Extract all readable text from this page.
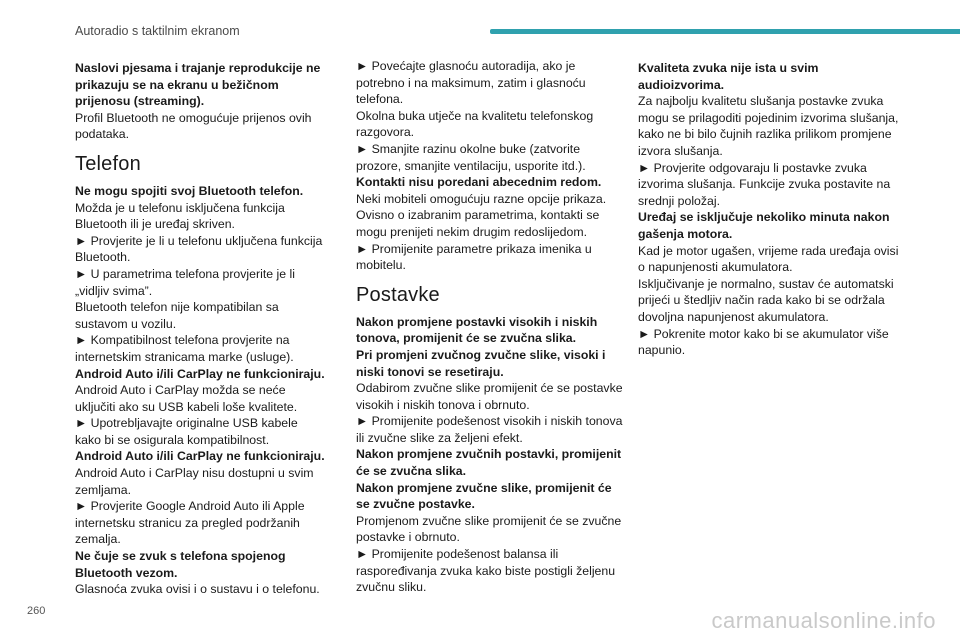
Autoradio s taktilnim ekranom

Naslovi pjesama i trajanje reprodukcije ne prikazuju se na ekranu u bežičnom prijenosu (streaming).

Profil Bluetooth ne omogućuje prijenos ovih podataka.

Telefon

Ne mogu spojiti svoj Bluetooth telefon.

Možda je u telefonu isključena funkcija Bluetooth ili je uređaj skriven.

► Provjerite je li u telefonu uključena funkcija Bluetooth.

► U parametrima telefona provjerite je li „vidljiv svima”.

Bluetooth telefon nije kompatibilan sa sustavom u vozilu.

► Kompatibilnost telefona provjerite na internetskim stranicama marke (usluge).

Android Auto i/ili CarPlay ne funkcioniraju.

Android Auto i CarPlay možda se neće uključiti ako su USB kabeli loše kvalitete.

► Upotrebljavajte originalne USB kabele kako bi se osigurala kompatibilnost.

Android Auto i/ili CarPlay ne funkcioniraju.

Android Auto i CarPlay nisu dostupni u svim zemljama.

► Provjerite Google Android Auto ili Apple internetsku stranicu za pregled podržanih zemalja.

Ne čuje se zvuk s telefona spojenog Bluetooth vezom.

Glasnoća zvuka ovisi i o sustavu i o telefonu.

► Povećajte glasnoću autoradija, ako je potrebno i na maksimum, zatim i glasnoću telefona.

Okolna buka utječe na kvalitetu telefonskog razgovora.

► Smanjite razinu okolne buke (zatvorite prozore, smanjite ventilaciju, usporite itd.).

Kontakti nisu poredani abecednim redom.

Neki mobiteli omogućuju razne opcije prikaza. Ovisno o izabranim parametrima, kontakti se mogu prenijeti nekim drugim redoslijedom.

► Promijenite parametre prikaza imenika u mobitelu.

Postavke

Nakon promjene postavki visokih i niskih tonova, promijenit će se zvučna slika.

Pri promjeni zvučnog zvučne slike, visoki i niski tonovi se resetiraju.

Odabirom zvučne slike promijenit će se postavke visokih i niskih tonova i obrnuto.

► Promijenite podešenost visokih i niskih tonova ili zvučne slike za željeni efekt.

Nakon promjene zvučnih postavki, promijenit će se zvučna slika.

Nakon promjene zvučne slike, promijenit će se zvučne postavke.

Promjenom zvučne slike promijenit će se zvučne postavke i obrnuto.

► Promijenite podešenost balansa ili raspoređivanja zvuka kako biste postigli željenu zvučnu sliku.

Kvaliteta zvuka nije ista u svim audioizvorima.

Za najbolju kvalitetu slušanja postavke zvuka mogu se prilagoditi pojedinim izvorima slušanja, kako ne bi bilo čujnih razlika prilikom promjene izvora slušanja.

► Provjerite odgovaraju li postavke zvuka izvorima slušanja. Funkcije zvuka postavite na srednji položaj.

Uređaj se isključuje nekoliko minuta nakon gašenja motora.

Kad je motor ugašen, vrijeme rada uređaja ovisi o napunjenosti akumulatora.

Isključivanje je normalno, sustav će automatski prijeći u štedljiv način rada kako bi se održala dovoljna napunjenost akumulatora.

► Pokrenite motor kako bi se akumulator više napunio.

260	carmanualsonline.info
